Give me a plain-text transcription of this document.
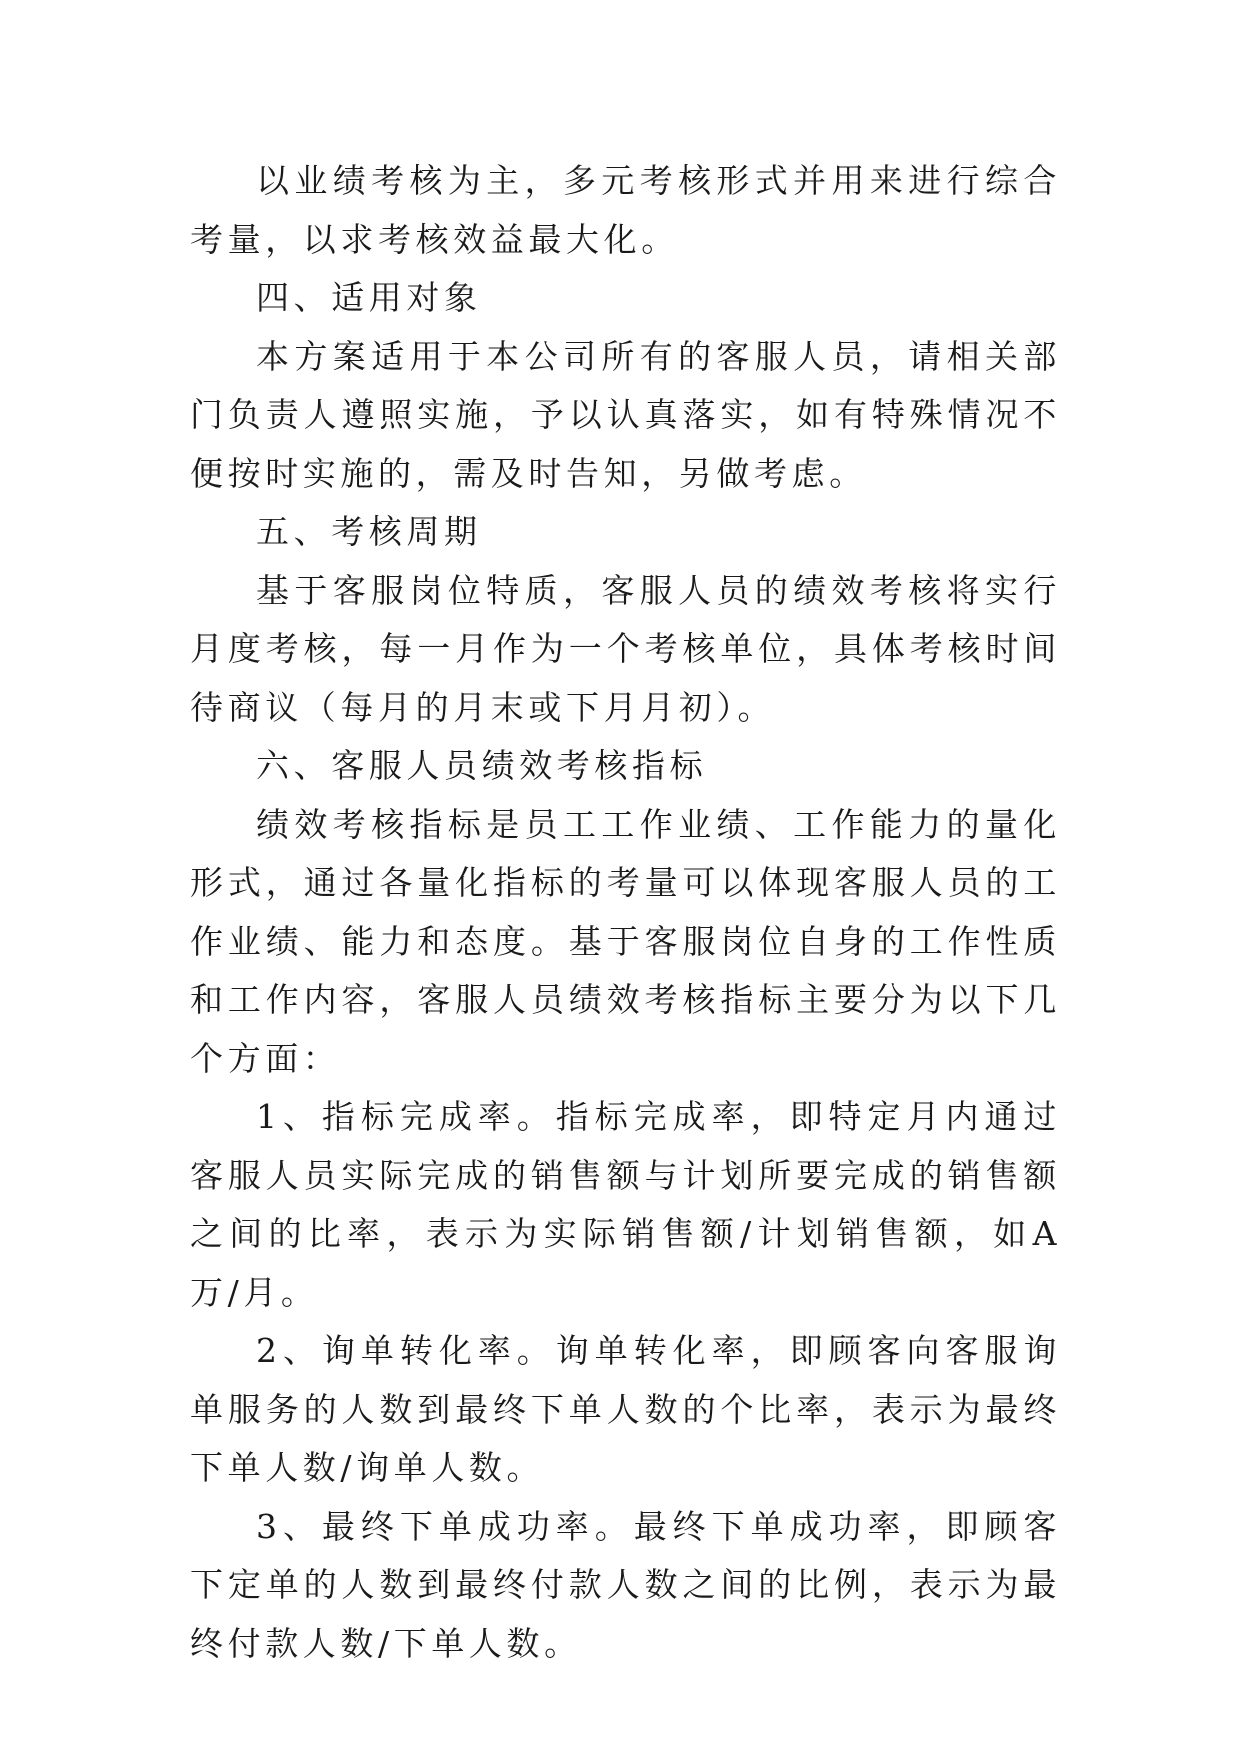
以业绩考核为主，多元考核形式并用来进行综合考量，以求考核效益最大化。

四、适用对象

本方案适用于本公司所有的客服人员，请相关部门负责人遵照实施，予以认真落实，如有特殊情况不便按时实施的，需及时告知，另做考虑。

五、考核周期

基于客服岗位特质，客服人员的绩效考核将实行月度考核，每一月作为一个考核单位，具体考核时间待商议（每月的月末或下月月初）。

六、客服人员绩效考核指标

绩效考核指标是员工工作业绩、工作能力的量化形式，通过各量化指标的考量可以体现客服人员的工作业绩、能力和态度。基于客服岗位自身的工作性质和工作内容，客服人员绩效考核指标主要分为以下几个方面：

1、指标完成率。指标完成率，即特定月内通过客服人员实际完成的销售额与计划所要完成的销售额之间的比率，表示为实际销售额/计划销售额，如A万/月。

2、询单转化率。询单转化率，即顾客向客服询单服务的人数到最终下单人数的个比率，表示为最终下单人数/询单人数。

3、最终下单成功率。最终下单成功率，即顾客下定单的人数到最终付款人数之间的比例，表示为最终付款人数/下单人数。
